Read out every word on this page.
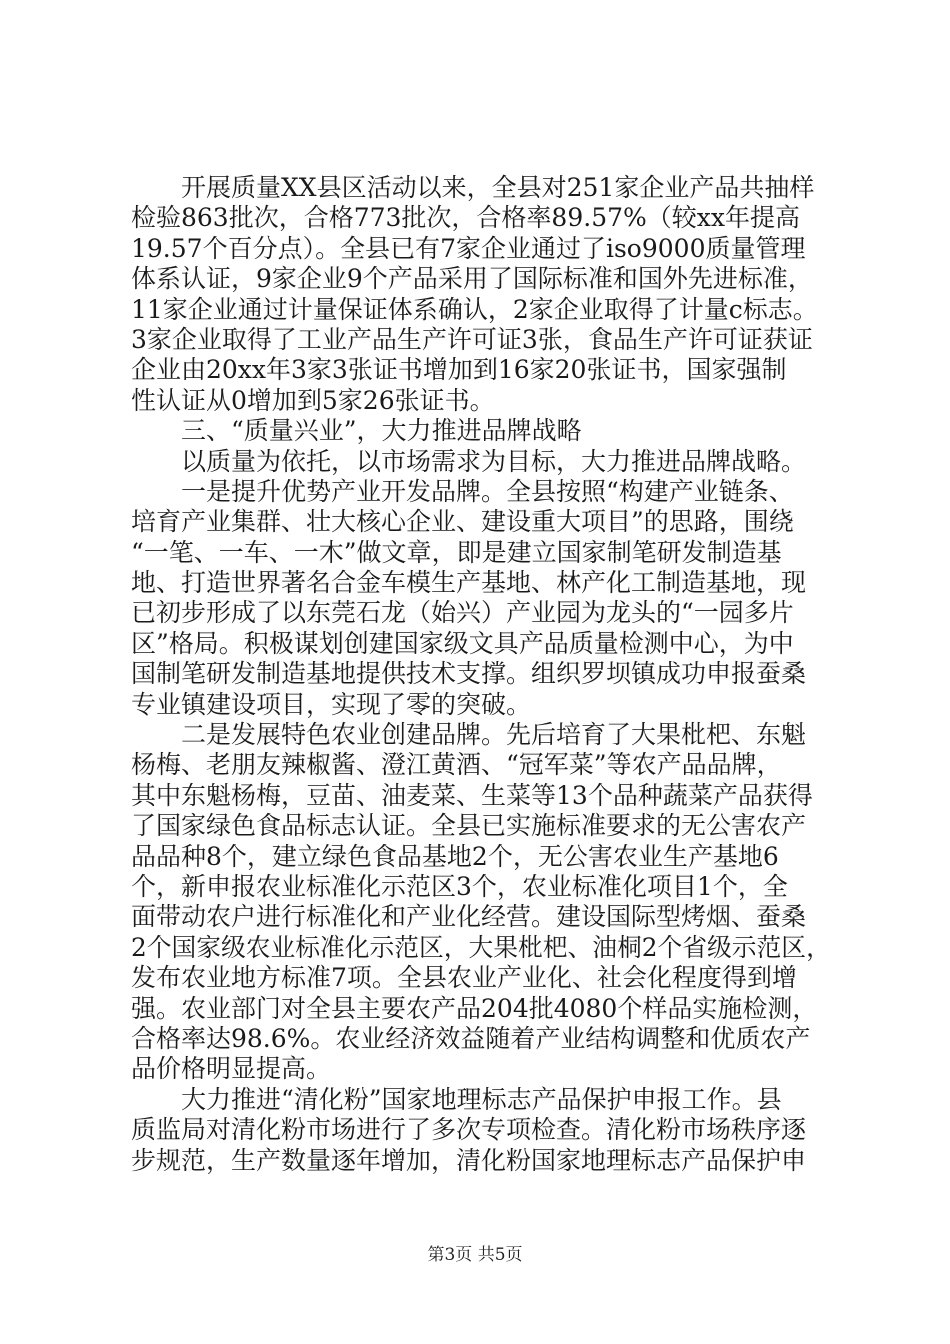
　　开展质量XX县区活动以来，全县对251家企业产品共抽样
检验863批次，合格773批次，合格率89.57%（较xx年提高
19.57个百分点）。全县已有7家企业通过了iso9000质量管理
体系认证，9家企业9个产品采用了国际标准和国外先进标准，
11家企业通过计量保证体系确认，2家企业取得了计量c标志。
3家企业取得了工业产品生产许可证3张，食品生产许可证获证
企业由20xx年3家3张证书增加到16家20张证书，国家强制
性认证从0增加到5家26张证书。
　　三、“质量兴业”，大力推进品牌战略
　　以质量为依托，以市场需求为目标，大力推进品牌战略。
　　一是提升优势产业开发品牌。全县按照“构建产业链条、
培育产业集群、壮大核心企业、建设重大项目”的思路，围绕
“一笔、一车、一木”做文章，即是建立国家制笔研发制造基
地、打造世界著名合金车模生产基地、林产化工制造基地，现
已初步形成了以东莞石龙（始兴）产业园为龙头的“一园多片
区”格局。积极谋划创建国家级文具产品质量检测中心，为中
国制笔研发制造基地提供技术支撑。组织罗坝镇成功申报蚕桑
专业镇建设项目，实现了零的突破。
　　二是发展特色农业创建品牌。先后培育了大果枇杷、东魁
杨梅、老朋友辣椒酱、澄江黄酒、“冠军菜”等农产品品牌，
其中东魁杨梅，豆苗、油麦菜、生菜等13个品种蔬菜产品获得
了国家绿色食品标志认证。全县已实施标准要求的无公害农产
品品种8个，建立绿色食品基地2个，无公害农业生产基地6
个，新申报农业标准化示范区3个，农业标准化项目1个，全
面带动农户进行标准化和产业化经营。建设国际型烤烟、蚕桑
2个国家级农业标准化示范区，大果枇杷、油桐2个省级示范区，
发布农业地方标准7项。全县农业产业化、社会化程度得到增
强。农业部门对全县主要农产品204批4080个样品实施检测，
合格率达98.6%。农业经济效益随着产业结构调整和优质农产
品价格明显提高。
　　大力推进“清化粉”国家地理标志产品保护申报工作。县
质监局对清化粉市场进行了多次专项检查。清化粉市场秩序逐
步规范，生产数量逐年增加，清化粉国家地理标志产品保护申
第3页 共5页
